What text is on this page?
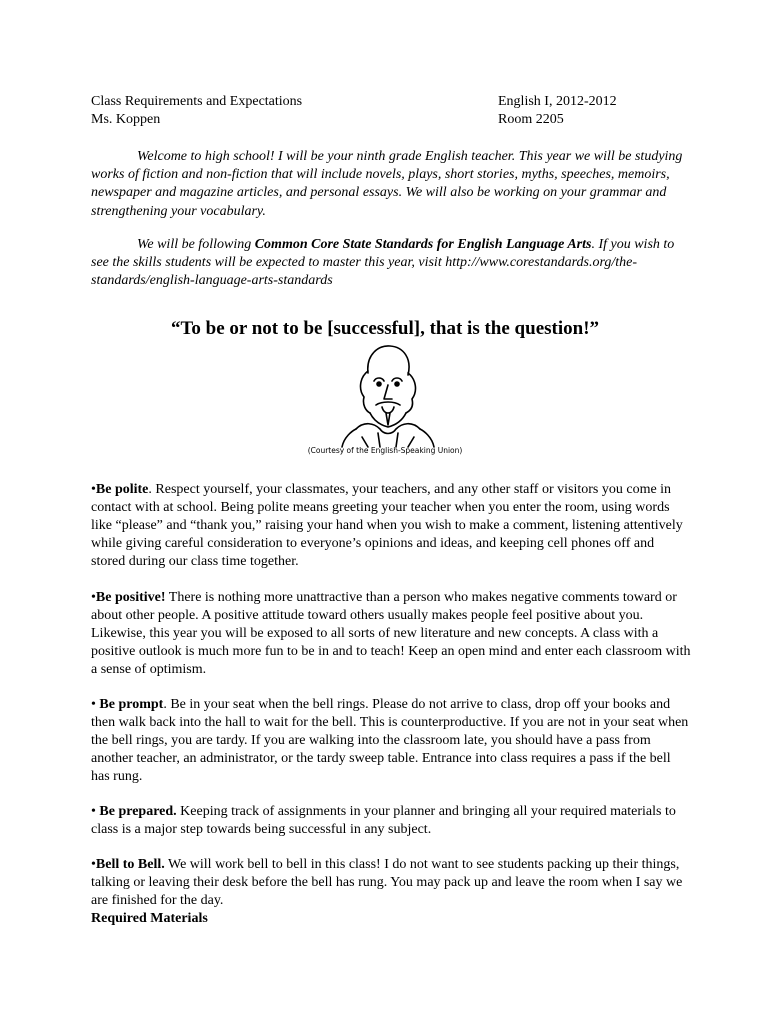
Class Requirements and Expectations	English I, 2012-2012
Ms. Koppen	Room 2205

Welcome to high school! I will be your ninth grade English teacher. This year we will be studying works of fiction and non-fiction that will include novels, plays, short stories, myths, speeches, memoirs, newspaper and magazine articles, and personal essays. We will also be working on your grammar and strengthening your vocabulary.

We will be following Common Core State Standards for English Language Arts. If you wish to see the skills students will be expected to master this year, visit http://www.corestandards.org/the-standards/english-language-arts-standards

“To be or not to be [successful], that is the question!”
(Courtesy of the English-Speaking Union)

•Be polite. Respect yourself, your classmates, your teachers, and any other staff or visitors you come in contact with at school. Being polite means greeting your teacher when you enter the room, using words like “please” and “thank you,” raising your hand when you wish to make a comment, listening attentively while giving careful consideration to everyone’s opinions and ideas, and keeping cell phones off and stored during our class time together.

•Be positive! There is nothing more unattractive than a person who makes negative comments toward or about other people. A positive attitude toward others usually makes people feel positive about you. Likewise, this year you will be exposed to all sorts of new literature and new concepts. A class with a positive outlook is much more fun to be in and to teach! Keep an open mind and enter each classroom with a sense of optimism.

• Be prompt. Be in your seat when the bell rings. Please do not arrive to class, drop off your books and then walk back into the hall to wait for the bell. This is counterproductive. If you are not in your seat when the bell rings, you are tardy. If you are walking into the classroom late, you should have a pass from another teacher, an administrator, or the tardy sweep table. Entrance into class requires a pass if the bell has rung.

• Be prepared. Keeping track of assignments in your planner and bringing all your required materials to class is a major step towards being successful in any subject.

•Bell to Bell. We will work bell to bell in this class! I do not want to see students packing up their things, talking or leaving their desk before the bell has rung. You may pack up and leave the room when I say we are finished for the day.

Required Materials
